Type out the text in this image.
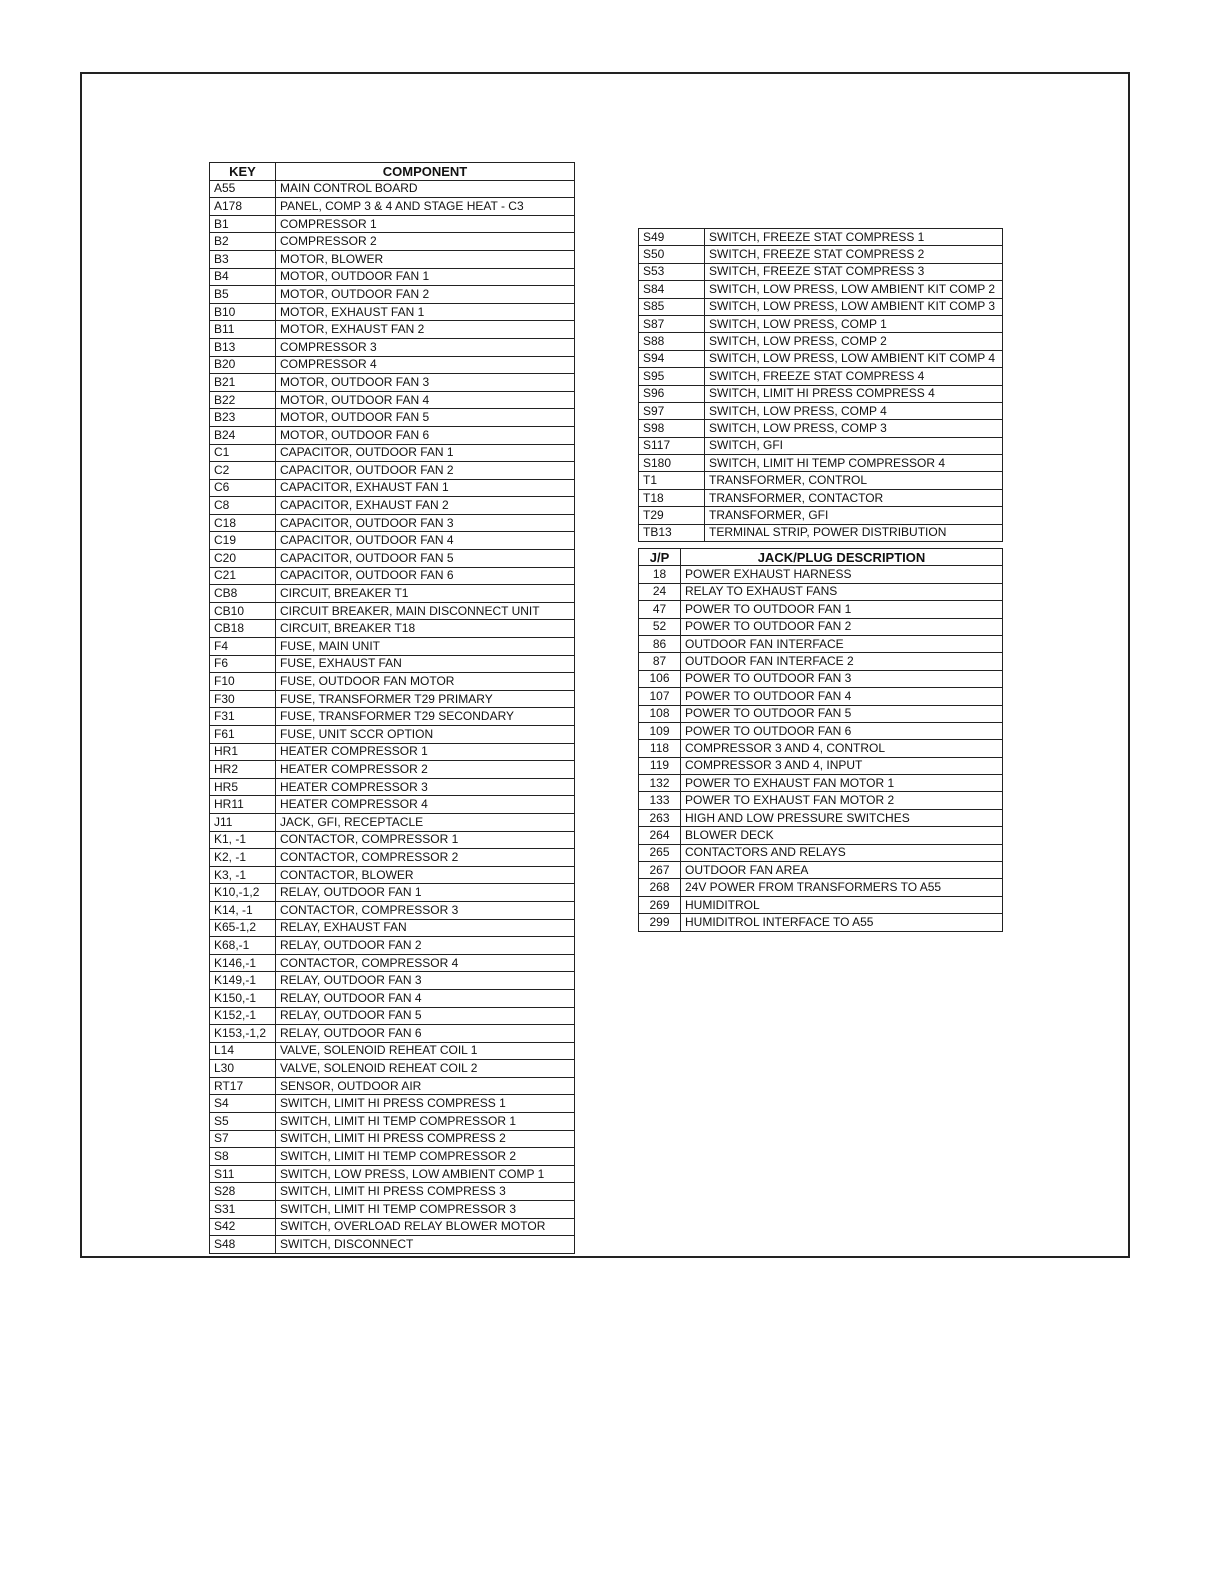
KEY	COMPONENT
A55	MAIN CONTROL BOARD
A178	PANEL, COMP 3 & 4 AND STAGE HEAT - C3
B1	COMPRESSOR 1
B2	COMPRESSOR 2
B3	MOTOR, BLOWER
B4	MOTOR, OUTDOOR FAN 1
B5	MOTOR, OUTDOOR FAN 2
B10	MOTOR, EXHAUST FAN 1
B11	MOTOR, EXHAUST FAN 2
B13	COMPRESSOR 3
B20	COMPRESSOR 4
B21	MOTOR, OUTDOOR FAN 3
B22	MOTOR, OUTDOOR FAN 4
B23	MOTOR, OUTDOOR FAN 5
B24	MOTOR, OUTDOOR FAN 6
C1	CAPACITOR, OUTDOOR FAN 1
C2	CAPACITOR, OUTDOOR FAN 2
C6	CAPACITOR, EXHAUST FAN 1
C8	CAPACITOR, EXHAUST FAN 2
C18	CAPACITOR, OUTDOOR FAN 3
C19	CAPACITOR, OUTDOOR FAN 4
C20	CAPACITOR, OUTDOOR FAN 5
C21	CAPACITOR, OUTDOOR FAN 6
CB8	CIRCUIT, BREAKER T1
CB10	CIRCUIT BREAKER, MAIN DISCONNECT UNIT
CB18	CIRCUIT, BREAKER T18
F4	FUSE, MAIN UNIT
F6	FUSE, EXHAUST FAN
F10	FUSE, OUTDOOR FAN MOTOR
F30	FUSE, TRANSFORMER T29 PRIMARY
F31	FUSE, TRANSFORMER T29 SECONDARY
F61	FUSE, UNIT SCCR OPTION
HR1	HEATER COMPRESSOR 1
HR2	HEATER COMPRESSOR 2
HR5	HEATER COMPRESSOR 3
HR11	HEATER COMPRESSOR 4
J11	JACK, GFI, RECEPTACLE
K1, -1	CONTACTOR, COMPRESSOR 1
K2, -1	CONTACTOR, COMPRESSOR 2
K3, -1	CONTACTOR, BLOWER
K10,-1,2	RELAY, OUTDOOR FAN 1
K14, -1	CONTACTOR, COMPRESSOR 3
K65-1,2	RELAY, EXHAUST FAN
K68,-1	RELAY, OUTDOOR FAN 2
K146,-1	CONTACTOR, COMPRESSOR 4
K149,-1	RELAY, OUTDOOR FAN 3
K150,-1	RELAY, OUTDOOR FAN 4
K152,-1	RELAY, OUTDOOR FAN 5
K153,-1,2	RELAY, OUTDOOR FAN 6
L14	VALVE, SOLENOID REHEAT COIL 1
L30	VALVE, SOLENOID REHEAT COIL 2
RT17	SENSOR, OUTDOOR AIR
S4	SWITCH, LIMIT HI PRESS COMPRESS 1
S5	SWITCH, LIMIT HI TEMP COMPRESSOR 1
S7	SWITCH, LIMIT HI PRESS COMPRESS 2
S8	SWITCH, LIMIT HI TEMP COMPRESSOR 2
S11	SWITCH, LOW PRESS, LOW AMBIENT COMP 1
S28	SWITCH, LIMIT HI PRESS COMPRESS 3
S31	SWITCH, LIMIT HI TEMP COMPRESSOR 3
S42	SWITCH, OVERLOAD RELAY BLOWER MOTOR
S48	SWITCH, DISCONNECT
S49	SWITCH, FREEZE STAT COMPRESS 1
S50	SWITCH, FREEZE STAT COMPRESS 2
S53	SWITCH, FREEZE STAT COMPRESS 3
S84	SWITCH, LOW PRESS, LOW AMBIENT KIT COMP 2
S85	SWITCH, LOW PRESS, LOW AMBIENT KIT COMP 3
S87	SWITCH, LOW PRESS, COMP 1
S88	SWITCH, LOW PRESS, COMP 2
S94	SWITCH, LOW PRESS, LOW AMBIENT KIT COMP 4
S95	SWITCH, FREEZE STAT COMPRESS 4
S96	SWITCH, LIMIT HI PRESS COMPRESS 4
S97	SWITCH, LOW PRESS, COMP 4
S98	SWITCH, LOW PRESS, COMP 3
S117	SWITCH, GFI
S180	SWITCH, LIMIT HI TEMP COMPRESSOR 4
T1	TRANSFORMER, CONTROL
T18	TRANSFORMER, CONTACTOR
T29	TRANSFORMER, GFI
TB13	TERMINAL STRIP, POWER DISTRIBUTION
J/P	JACK/PLUG DESCRIPTION
18	POWER EXHAUST HARNESS
24	RELAY TO EXHAUST FANS
47	POWER TO OUTDOOR FAN 1
52	POWER TO OUTDOOR FAN 2
86	OUTDOOR FAN INTERFACE
87	OUTDOOR FAN INTERFACE 2
106	POWER TO OUTDOOR FAN 3
107	POWER TO OUTDOOR FAN 4
108	POWER TO OUTDOOR FAN 5
109	POWER TO OUTDOOR FAN 6
118	COMPRESSOR 3 AND 4, CONTROL
119	COMPRESSOR 3 AND 4, INPUT
132	POWER TO EXHAUST FAN MOTOR 1
133	POWER TO EXHAUST FAN MOTOR 2
263	HIGH AND LOW PRESSURE SWITCHES
264	BLOWER DECK
265	CONTACTORS AND RELAYS
267	OUTDOOR FAN AREA
268	24V POWER FROM TRANSFORMERS TO A55
269	HUMIDITROL
299	HUMIDITROL INTERFACE TO A55
